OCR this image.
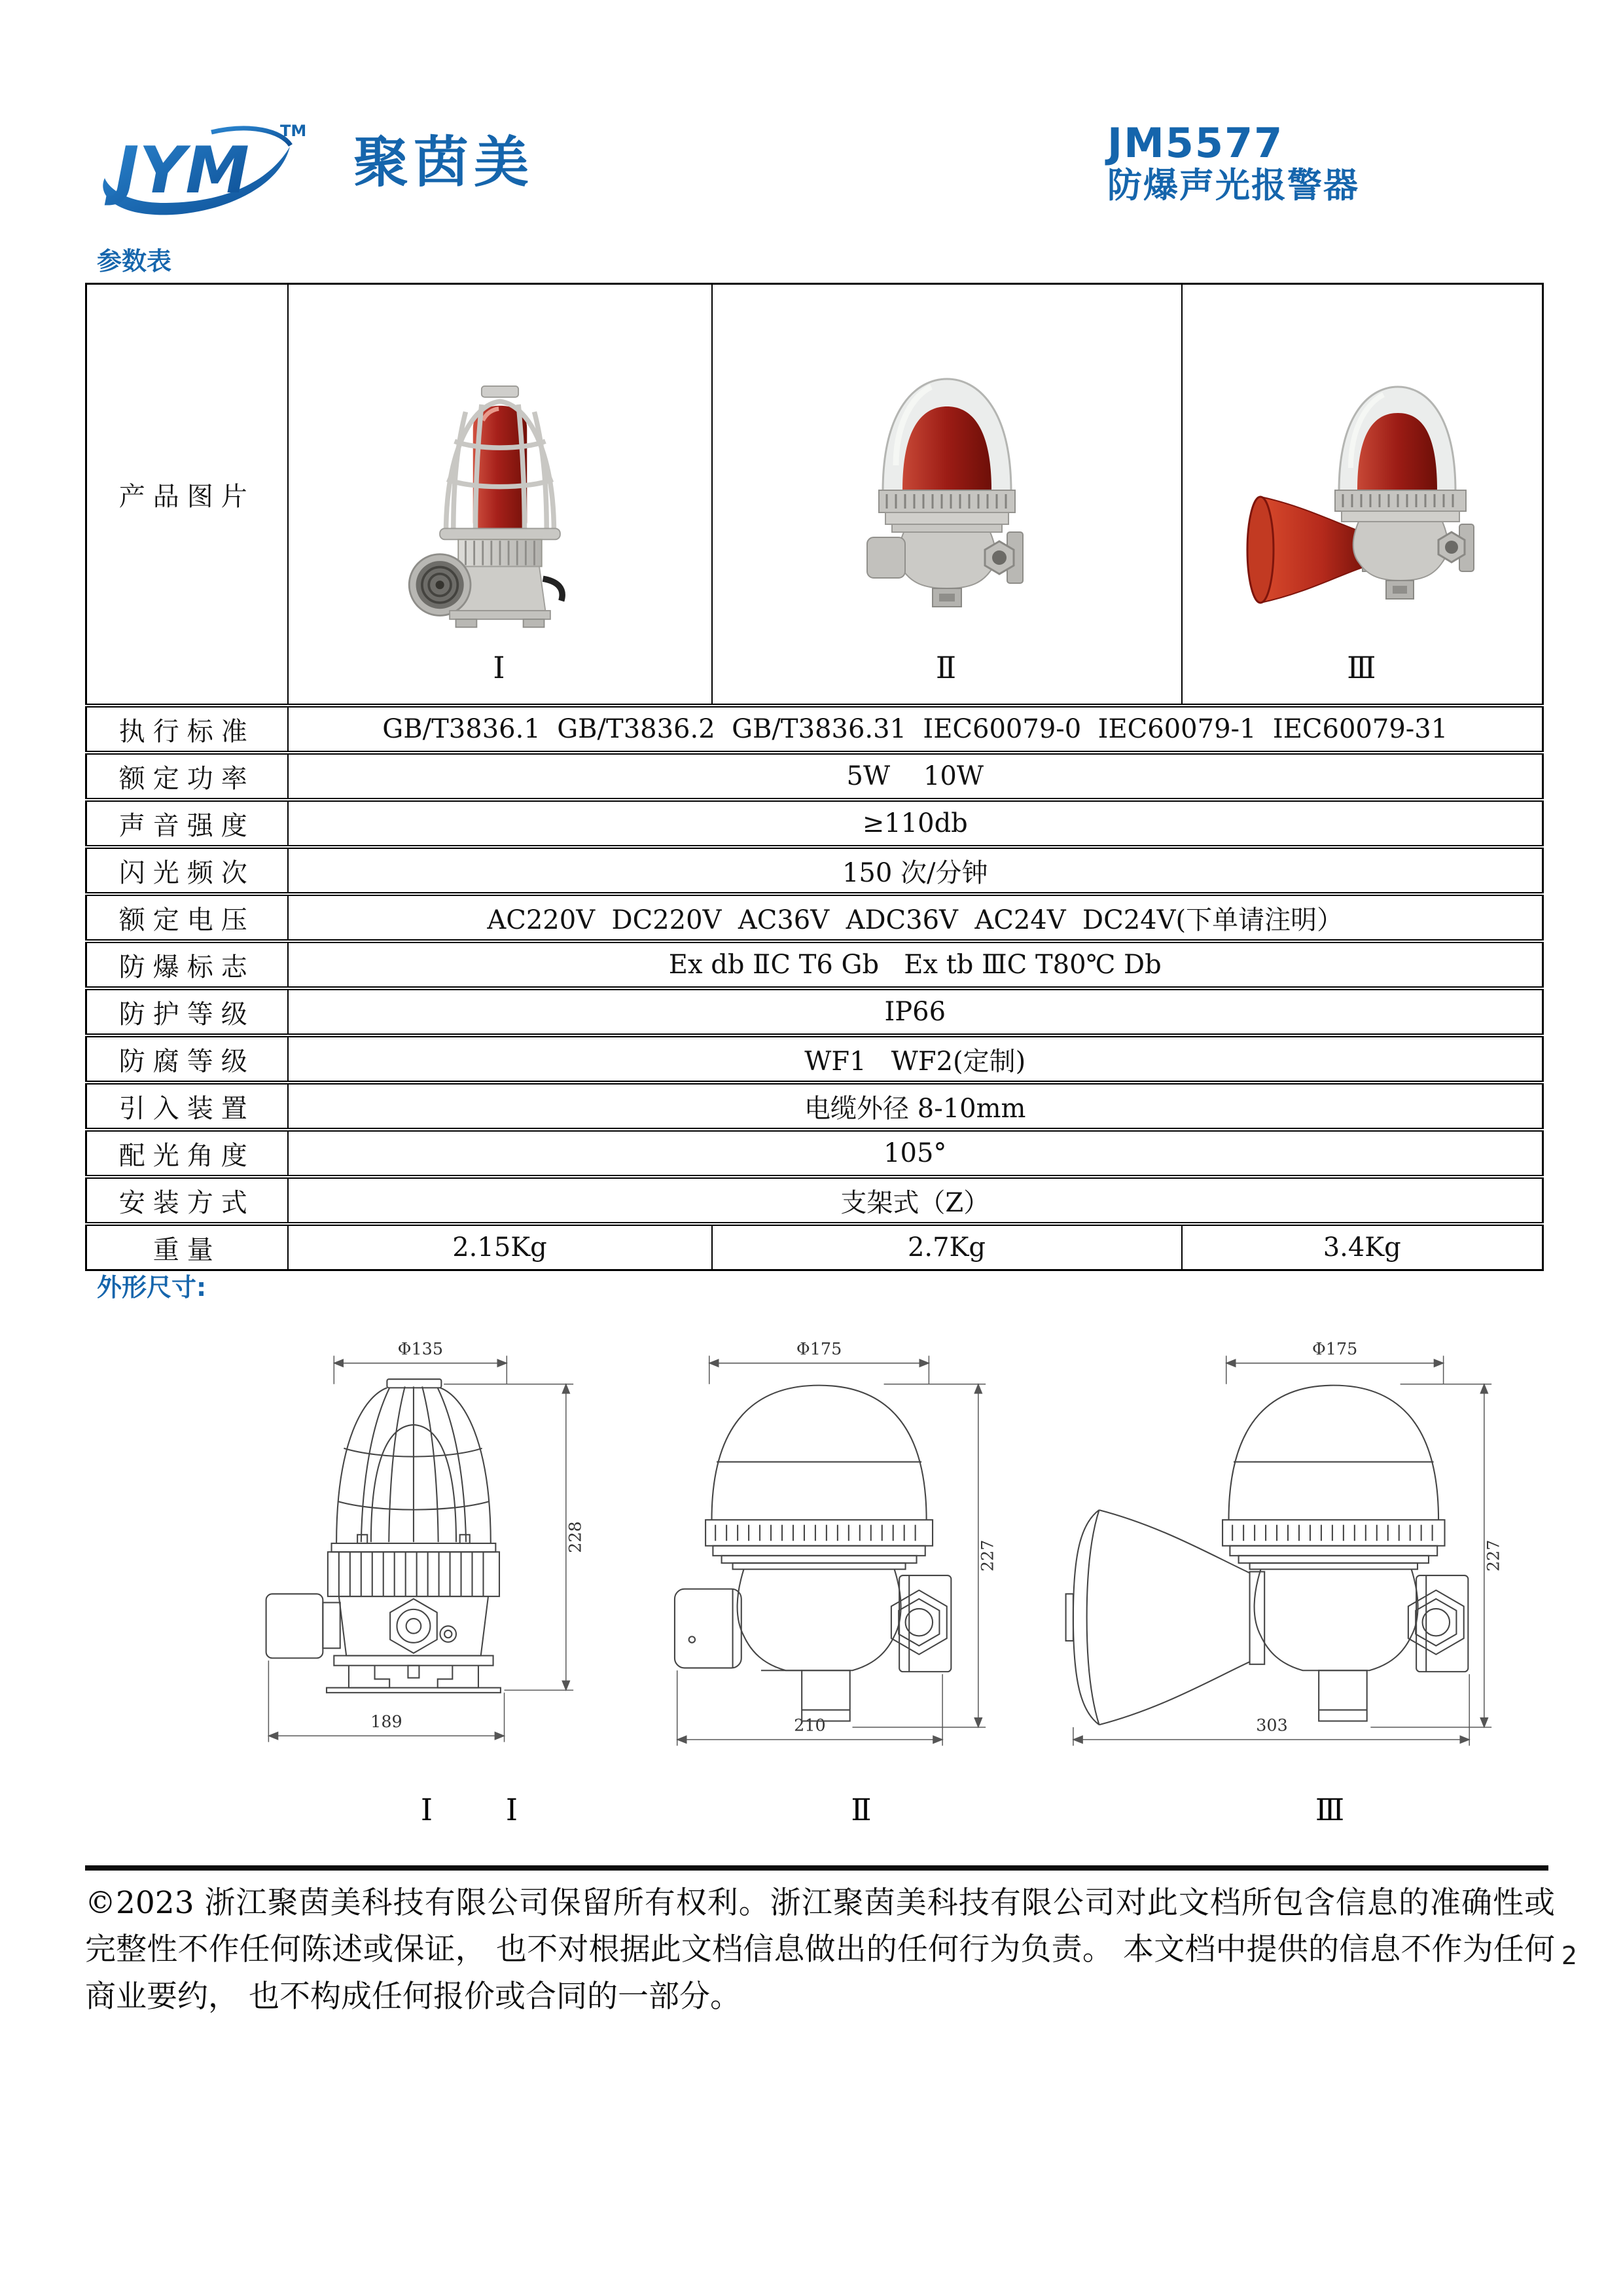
JYM
TM 聚茵美	JM5577
防爆声光报警器
参数表
产品图片	Ⅰ	Ⅱ	Ⅲ

执行标准	GB/T3836.1  GB/T3836.2  GB/T3836.31  IEC60079-0  IEC60079-1  IEC60079-31		
额定功率	5W    10W		
声音强度	≥110db		
闪光频次	150 次/分钟		
额定电压	AC220V  DC220V  AC36V  ADC36V  AC24V  DC24V(下单请注明）		
防爆标志	Ex db ⅡC T6 Gb   Ex tb ⅢC T80℃ Db		
防护等级	IP66		
防腐等级	WF1   WF2(定制)		
引入装置	电缆外径 8-10mm		
配光角度	105°		
安装方式	支架式（Z）		
重量	2.15Kg	2.7Kg	3.4Kg
外形尺寸:
Φ135
228
189
Φ175
227
210
Φ175
227
303
Ⅰ
Ⅰ	Ⅱ	Ⅲ

©2023 浙江聚茵美科技有限公司保留所有权利。浙江聚茵美科技有限公司对此文档所包含信息的准确性或完整性不作任何陈述或保证， 也不对根据此文档信息做出的任何行为负责。 本文档中提供的信息不作为任何商业要约， 也不构成任何报价或合同的一部分。

2
